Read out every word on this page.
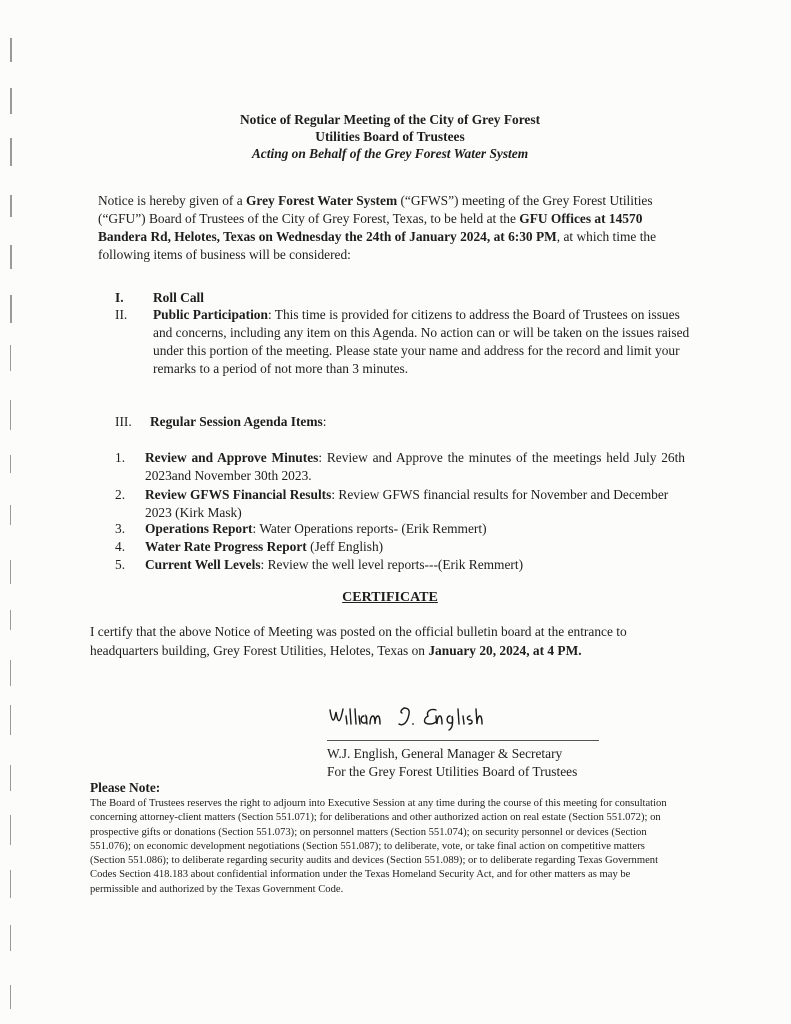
Notice of Regular Meeting of the City of Grey Forest
Utilities Board of Trustees
Acting on Behalf of the Grey Forest Water System
Notice is hereby given of a Grey Forest Water System (“GFWS”) meeting of the Grey Forest Utilities (“GFU”) Board of Trustees of the City of Grey Forest, Texas, to be held at the GFU Offices at 14570 Bandera Rd, Helotes, Texas on Wednesday the 24th of January 2024, at 6:30 PM, at which time the following items of business will be considered:
I. Roll Call
II. Public Participation: This time is provided for citizens to address the Board of Trustees on issues and concerns, including any item on this Agenda. No action can or will be taken on the issues raised under this portion of the meeting. Please state your name and address for the record and limit your remarks to a period of not more than 3 minutes.
III. Regular Session Agenda Items:
1. Review and Approve Minutes: Review and Approve the minutes of the meetings held July 26th 2023and November 30th 2023.
2. Review GFWS Financial Results: Review GFWS financial results for November and December 2023 (Kirk Mask)
3. Operations Report: Water Operations reports- (Erik Remmert)
4. Water Rate Progress Report (Jeff English)
5. Current Well Levels: Review the well level reports---(Erik Remmert)
CERTIFICATE
I certify that the above Notice of Meeting was posted on the official bulletin board at the entrance to headquarters building, Grey Forest Utilities, Helotes, Texas on January 20, 2024, at 4 PM.
W.J. English, General Manager & Secretary
For the Grey Forest Utilities Board of Trustees
Please Note:
The Board of Trustees reserves the right to adjourn into Executive Session at any time during the course of this meeting for consultation concerning attorney-client matters (Section 551.071); for deliberations and other authorized action on real estate (Section 551.072); on prospective gifts or donations (Section 551.073); on personnel matters (Section 551.074); on security personnel or devices (Section 551.076); on economic development negotiations (Section 551.087); to deliberate, vote, or take final action on competitive matters (Section 551.086); to deliberate regarding security audits and devices (Section 551.089); or to deliberate regarding Texas Government Codes Section 418.183 about confidential information under the Texas Homeland Security Act, and for other matters as may be permissible and authorized by the Texas Government Code.
